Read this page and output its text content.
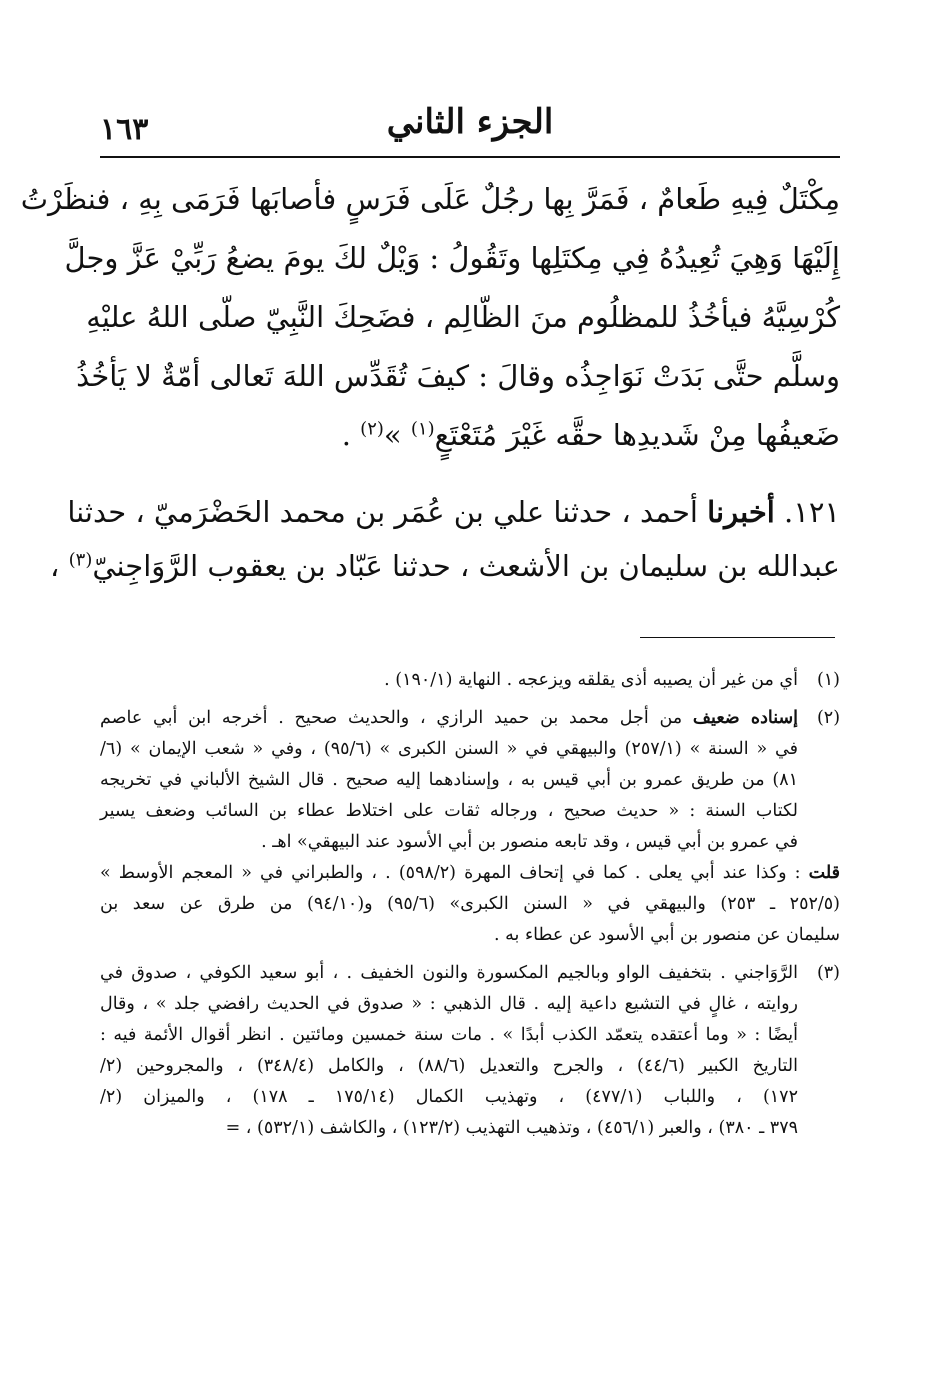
١٦٣	الجزء الثاني
مِكْتَلٌ فِيهِ طَعامٌ ، فَمَرَّ بِها رجُلٌ عَلَى فَرَسٍ فأصابَها فَرَمَى بِهِ ، فنظَرْتُ
إِلَيْهَا وَهِيَ تُعِيدُهُ فِي مِكتَلِها وتَقُولُ : وَيْلٌ لكَ يومَ يضعُ رَبِّيْ عَزَّ وجلَّ
كُرْسِيَّهُ فيأخُذُ للمظلُوم منَ الظّالِم ، فضَحِكَ النَّبِيّ صلّى اللهُ عليْهِ
وسلَّم حتَّى بَدَتْ نَوَاجِذُه وقالَ : كيفَ تُقَدِّس اللهَ تَعالى أمّةٌ لا يَأخُذُ
ضَعيفُها مِنْ شَديدِها حقَّه غَيْرَ مُتَعْتَعٍ$^{(١)}$ »$^{(٢)}$ .
١٢١. أخبرنا أحمد ، حدثنا علي بن عُمَر بن محمد الحَضْرَميّ ، حدثنا
عبدالله بن سليمان بن الأشعث ، حدثنا عَبّاد بن يعقوب الرَّوَاجِنيّ$^{(٣)}$ ،
(١)أي من غير أن يصيبه أذى يقلقه ويزعجه . النهاية (١٩٠/١) .
(٢)إسناده ضعيف من أجل محمد بن حميد الرازي ، والحديث صحيح . أخرجه ابن أبي عاصم
في « السنة » (٢٥٧/١) والبيهقي في « السنن الكبرى » (٩٥/٦) ، وفي « شعب الإيمان » (٦/
٨١) من طريق عمرو بن أبي قيس به ، وإسنادهما إليه صحيح . قال الشيخ الألباني في تخريجه
لكتاب السنة : « حديث صحيح ، ورجاله ثقات على اختلاط عطاء بن السائب وضعف يسير
في عمرو بن أبي قيس ، وقد تابعه منصور بن أبي الأسود عند البيهقي» اهـ .
قلت : وكذا عند أبي يعلى . كما في إتحاف المهرة (٥٩٨/٢) . ، والطبراني في « المعجم الأوسط »
(٢٥٢/٥ ـ ٢٥٣) والبيهقي في « السنن الكبرى» (٩٥/٦) و(٩٤/١٠) من طرق عن سعد بن
سليمان عن منصور بن أبي الأسود عن عطاء به .
(٣)الرَّوَاجني . بتخفيف الواو وبالجيم المكسورة والنون الخفيف . ، أبو سعيد الكوفي ، صدوق في
روايته ، غالٍ في التشيع داعية إليه . قال الذهبي : « صدوق في الحديث رافضي جلد » ، وقال
أيضًا : « وما أعتقده يتعمّد الكذب أبدًا » . مات سنة خمسين ومائتين . انظر أقوال الأئمة فيه :
التاريخ الكبير (٤٤/٦) ، والجرح والتعديل (٨٨/٦) ، والكامل (٣٤٨/٤) ، والمجروحين (٢/
١٧٢) ، واللباب (٤٧٧/١) ، وتهذيب الكمال (١٧٥/١٤ ـ ١٧٨) ، والميزان (٢/
٣٧٩ ـ ٣٨٠) ، والعبر (٤٥٦/١) ، وتذهيب التهذيب (١٢٣/٢) ، والكاشف (٥٣٢/١) ، =
